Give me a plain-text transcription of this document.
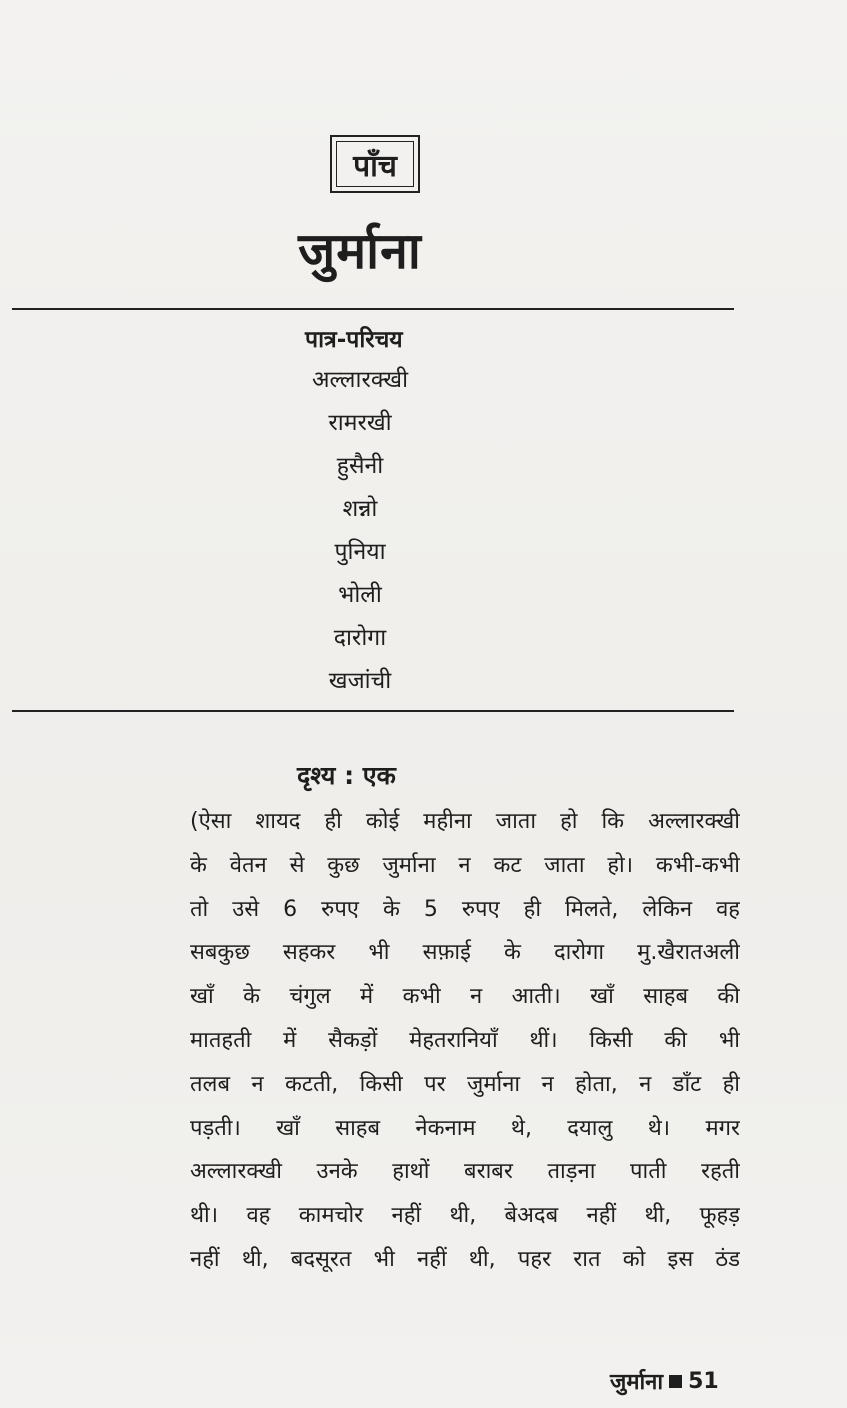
पाँच
जुर्माना
पात्र-परिचय
अल्लारक्खी
रामरखी
हुसैनी
शन्नो
पुनिया
भोली
दारोगा
खजांची
दृश्य : एक
(ऐसा शायद ही कोई महीना जाता हो कि अल्लारक्खी
के वेतन से कुछ जुर्माना न कट जाता हो। कभी-कभी
तो उसे 6 रुपए के 5 रुपए ही मिलते, लेकिन वह
सबकुछ सहकर भी सफ़ाई के दारोगा मु.खैरातअली
खाँ के चंगुल में कभी न आती। खाँ साहब की
मातहती में सैकड़ों मेहतरानियाँ थीं। किसी की भी
तलब न कटती, किसी पर जुर्माना न होता, न डाँट ही
पड़ती। खाँ साहब नेकनाम थे, दयालु थे। मगर
अल्लारक्खी उनके हाथों बराबर ताड़ना पाती रहती
थी। वह कामचोर नहीं थी, बेअदब नहीं थी, फूहड़
नहीं थी, बदसूरत भी नहीं थी, पहर रात को इस ठंड
जुर्माना 51
